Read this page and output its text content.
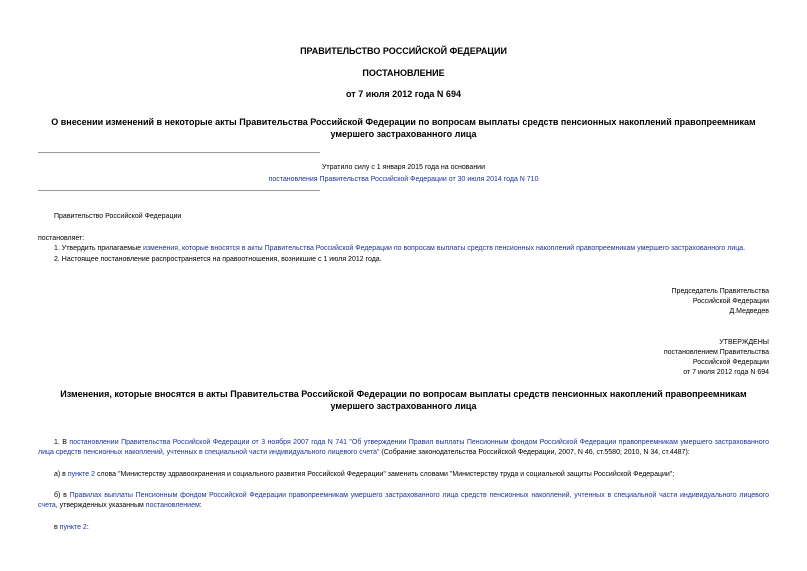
ПРАВИТЕЛЬСТВО РОССИЙСКОЙ ФЕДЕРАЦИИ
ПОСТАНОВЛЕНИЕ
от 7 июля 2012 года N 694
О внесении изменений в некоторые акты Правительства Российской Федерации по вопросам выплаты средств пенсионных накоплений правопреемникам умершего застрахованного лица
Утратило силу с 1 января 2015 года на основании
постановления Правительства Российской Федерации от 30 июля 2014 года N 710
Правительство Российской Федерации
постановляет:
1. Утвердить прилагаемые изменения, которые вносятся в акты Правительства Российской Федерации по вопросам выплаты средств пенсионных накоплений правопреемникам умершего застрахованного лица.
2. Настоящее постановление распространяется на правоотношения, возникшие с 1 июля 2012 года.
Председатель Правительства
Российской Федерации
Д.Медведев
УТВЕРЖДЕНЫ
постановлением Правительства
Российской Федерации
от 7 июля 2012 года N 694
Изменения, которые вносятся в акты Правительства Российской Федерации по вопросам выплаты средств пенсионных накоплений правопреемникам умершего застрахованного лица
1. В постановлении Правительства Российской Федерации от 3 ноября 2007 года N 741 "Об утверждении Правил выплаты Пенсионным фондом Российской Федерации правопреемникам умершего застрахованного лица средств пенсионных накоплений, учтенных в специальной части индивидуального лицевого счета" (Собрание законодательства Российской Федерации, 2007, N 46, ст.5580; 2010, N 34, ст.4487):
а) в пункте 2 слова "Министерству здравоохранения и социального развития Российской Федерации" заменить словами "Министерству труда и социальной защиты Российской Федерации";
б) в Правилах выплаты Пенсионным фондом Российской Федерации правопреемникам умершего застрахованного лица средств пенсионных накоплений, учтенных в специальной части индивидуального лицевого счета, утвержденных указанным постановлением:
в пункте 2:
